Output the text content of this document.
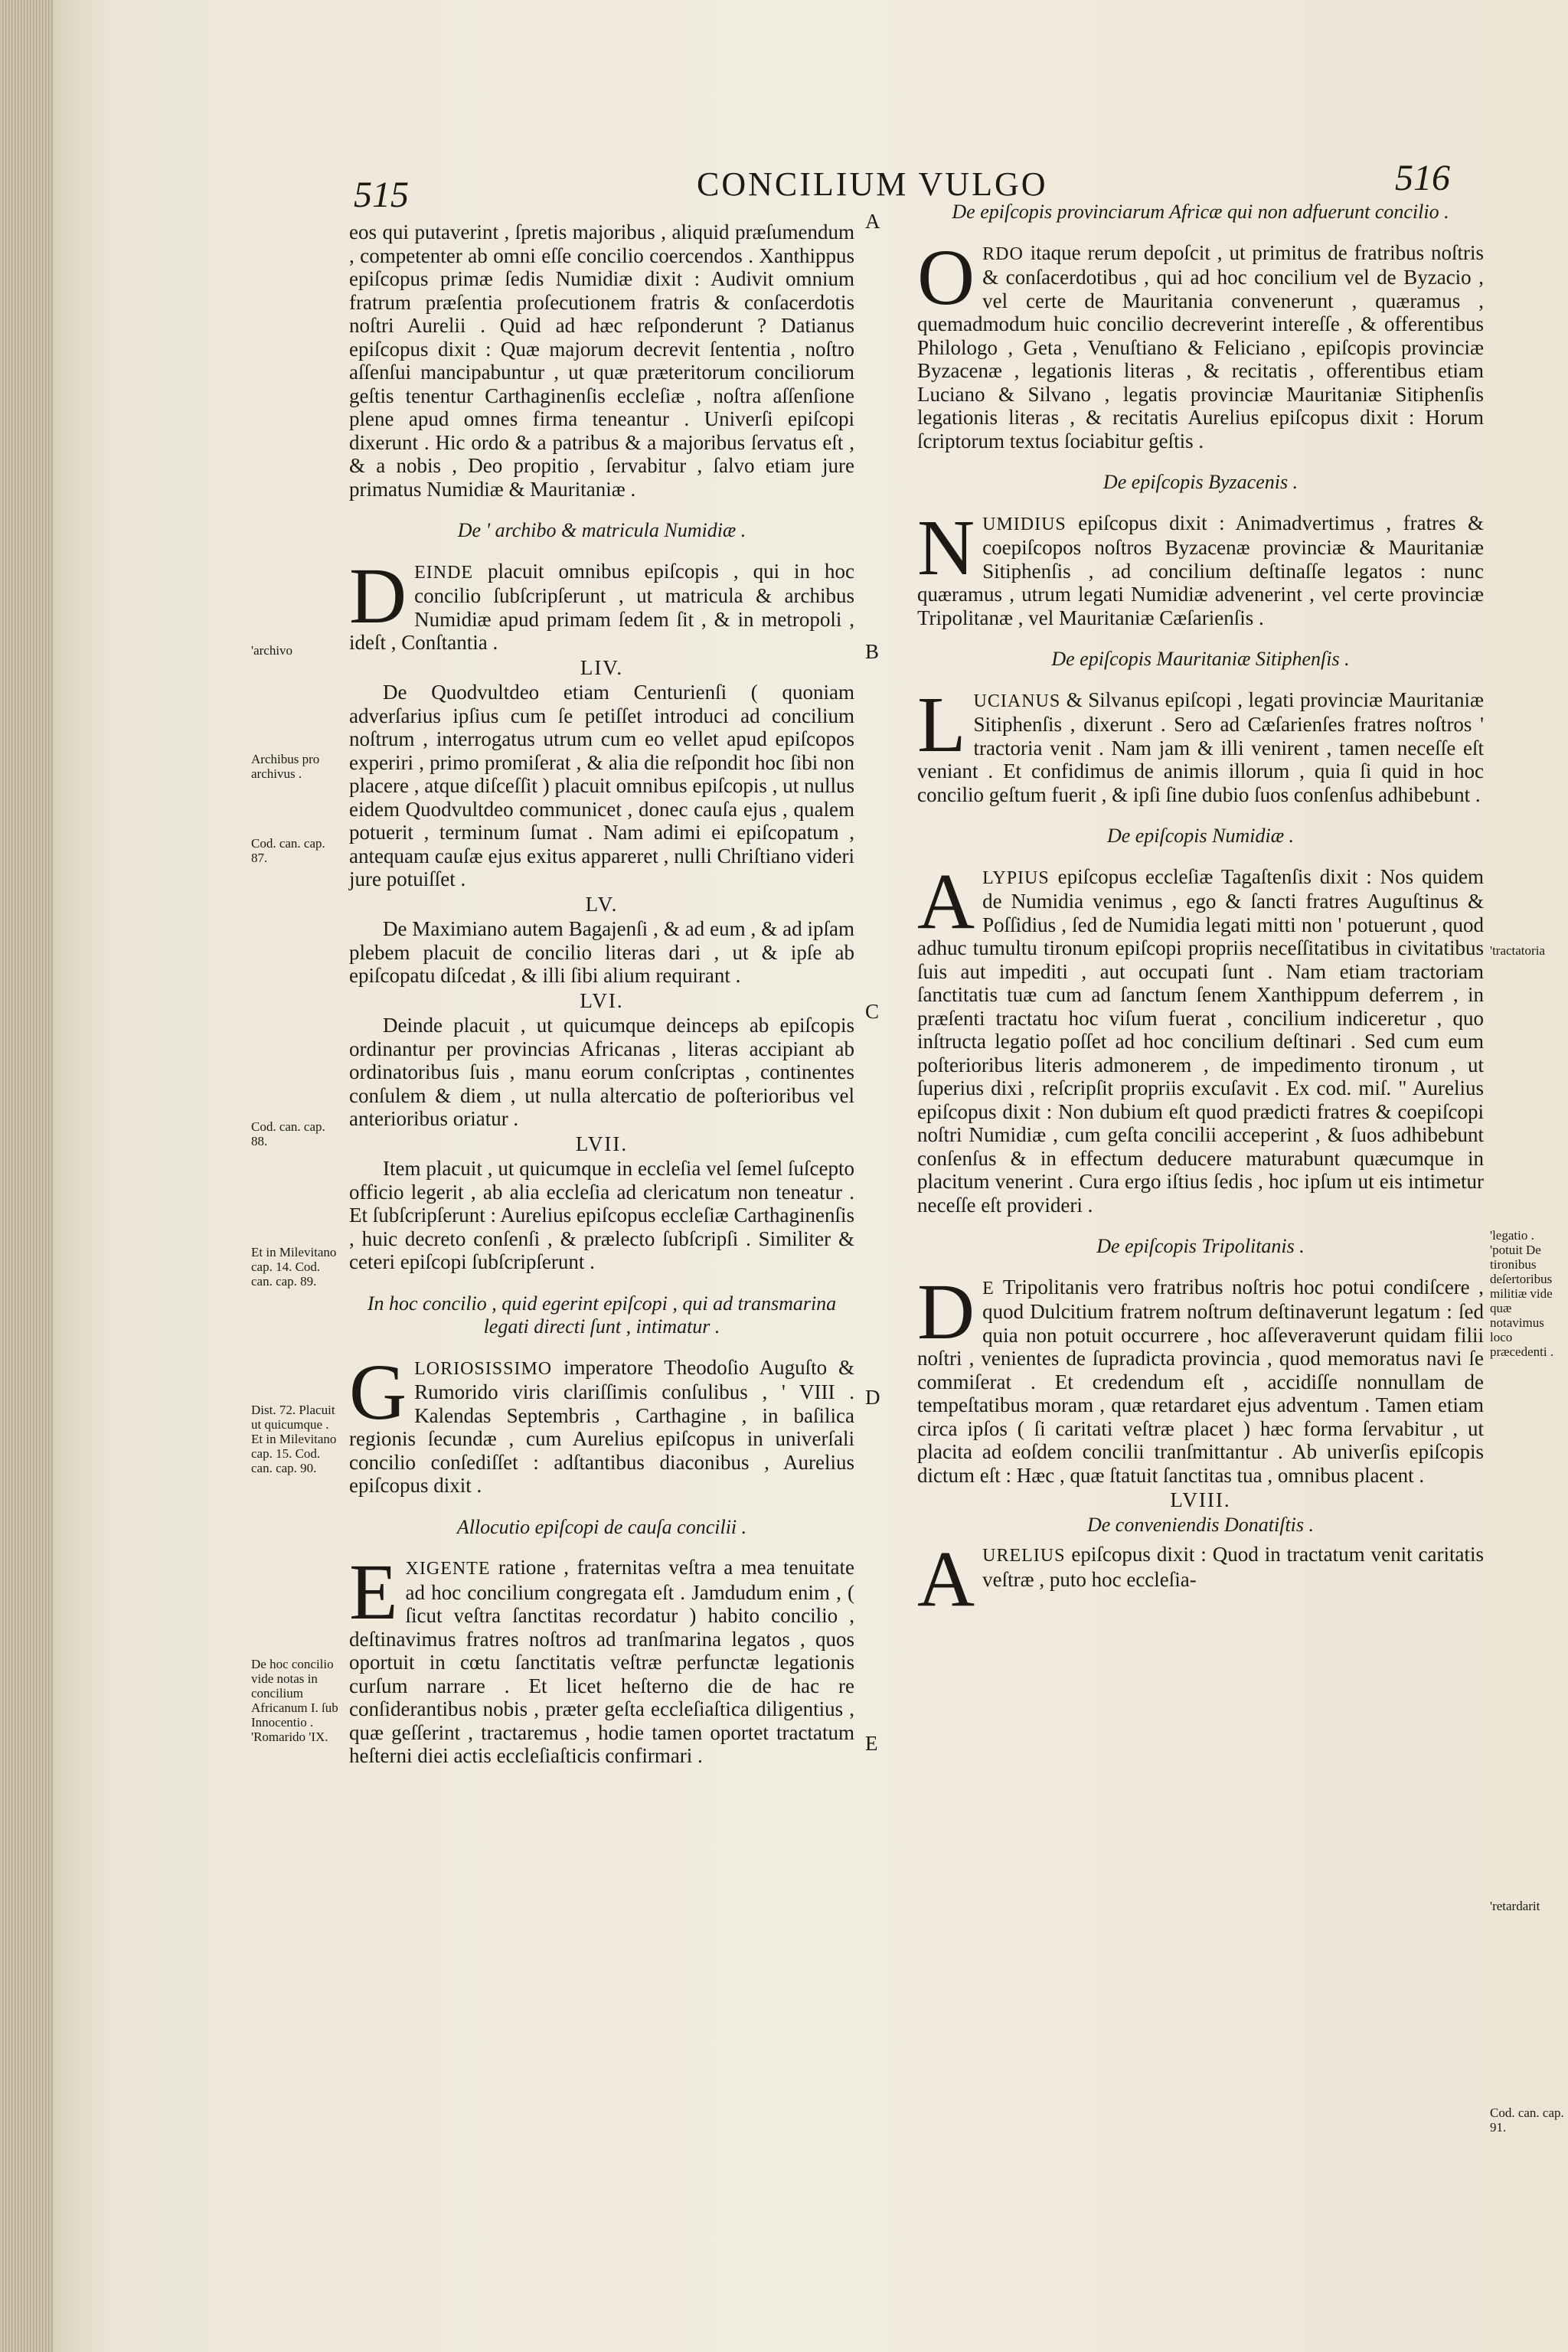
515	CONCILIUM VULGO	516
A
B
C
D
E

eos qui putaverint , ſpretis majoribus , aliquid præſumendum , competenter ab omni eſſe concilio coercendos . Xanthippus epiſcopus primæ ſedis Numidiæ dixit : Audivit omnium fratrum præſentia proſecutionem fratris & conſacerdotis noſtri Aurelii . Quid ad hæc reſponderunt ? Datianus epiſcopus dixit : Quæ majorum decrevit ſententia , noſtro aſſenſui mancipabuntur , ut quæ præteritorum conciliorum geſtis tenentur Carthaginenſis eccleſiæ , noſtra aſſenſione plene apud omnes firma teneantur . Univerſi epiſcopi dixerunt . Hic ordo & a patribus & a majoribus ſervatus eſt , & a nobis , Deo propitio , ſervabitur , ſalvo etiam jure primatus Numidiæ & Mauritaniæ .

De ' archibo & matricula Numidiæ .

DEINDE placuit omnibus epiſcopis , qui in hoc concilio ſubſcripſerunt , ut matricula & archibus Numidiæ apud primam ſedem ſit , & in metropoli , ideſt , Conſtantia .

LIV.

De Quodvultdeo etiam Centurienſi ( quoniam adverſarius ipſius cum ſe petiſſet introduci ad concilium noſtrum , interrogatus utrum cum eo vellet apud epiſcopos experiri , primo promiſerat , & alia die reſpondit hoc ſibi non placere , atque diſceſſit ) placuit omnibus epiſcopis , ut nullus eidem Quodvultdeo communicet , donec cauſa ejus , qualem potuerit , terminum ſumat . Nam adimi ei epiſcopatum , antequam cauſæ ejus exitus appareret , nulli Chriſtiano videri jure potuiſſet .

LV.

De Maximiano autem Bagajenſi , & ad eum , & ad ipſam plebem placuit de concilio literas dari , ut & ipſe ab epiſcopatu diſcedat , & illi ſibi alium requirant .

LVI.

Deinde placuit , ut quicumque deinceps ab epiſcopis ordinantur per provincias Africanas , literas accipiant ab ordinatoribus ſuis , manu eorum conſcriptas , continentes conſulem & diem , ut nulla altercatio de poſterioribus vel anterioribus oriatur .

LVII.

Item placuit , ut quicumque in eccleſia vel ſemel ſuſcepto officio legerit , ab alia eccleſia ad clericatum non teneatur . Et ſubſcripſerunt : Aurelius epiſcopus eccleſiæ Carthaginenſis , huic decreto conſenſi , & prælecto ſubſcripſi . Similiter & ceteri epiſcopi ſubſcripſerunt .

In hoc concilio , quid egerint epiſcopi , qui ad transmarina legati directi ſunt , intimatur .

GLORIOSISSIMO imperatore Theodoſio Auguſto & Rumorido viris clariſſimis conſulibus , ' VIII . Kalendas Septembris , Carthagine , in baſilica regionis ſecundæ , cum Aurelius epiſcopus in univerſali concilio conſediſſet : adſtantibus diaconibus , Aurelius epiſcopus dixit .

Allocutio epiſcopi de cauſa concilii .

EXIGENTE ratione , fraternitas veſtra a mea tenuitate ad hoc concilium congregata eſt . Jamdudum enim , ( ſicut veſtra ſanctitas recordatur ) habito concilio , deſtinavimus fratres noſtros ad tranſmarina legatos , quos oportuit in cœtu ſanctitatis veſtræ perfunctæ legationis curſum narrare . Et licet heſterno die de hac re conſiderantibus nobis , præter geſta eccleſiaſtica diligentius , quæ geſſerint , tractaremus , hodie tamen oportet tractatum heſterni diei actis eccleſiaſticis confirmari .

De epiſcopis provinciarum Africæ qui non adfuerunt concilio .

ORDO itaque rerum depoſcit , ut primitus de fratribus noſtris & conſacerdotibus , qui ad hoc concilium vel de Byzacio , vel certe de Mauritania convenerunt , quæramus , quemadmodum huic concilio decreverint intereſſe , & offerentibus Philologo , Geta , Venuſtiano & Feliciano , epiſcopis provinciæ Byzacenæ , legationis literas , & recitatis , offerentibus etiam Luciano & Silvano , legatis provinciæ Mauritaniæ Sitiphenſis legationis literas , & recitatis Aurelius epiſcopus dixit : Horum ſcriptorum textus ſociabitur geſtis .

De epiſcopis Byzacenis .

NUMIDIUS epiſcopus dixit : Animadvertimus , fratres & coepiſcopos noſtros Byzacenæ provinciæ & Mauritaniæ Sitiphenſis , ad concilium deſtinaſſe legatos : nunc quæramus , utrum legati Numidiæ advenerint , vel certe provinciæ Tripolitanæ , vel Mauritaniæ Cæſarienſis .

De epiſcopis Mauritaniæ Sitiphenſis .

LUCIANUS & Silvanus epiſcopi , legati provinciæ Mauritaniæ Sitiphenſis , dixerunt . Sero ad Cæſarienſes fratres noſtros ' tractoria venit . Nam jam & illi venirent , tamen neceſſe eſt veniant . Et confidimus de animis illorum , quia ſi quid in hoc concilio geſtum fuerit , & ipſi ſine dubio ſuos conſenſus adhibebunt .

De epiſcopis Numidiæ .

ALYPIUS epiſcopus eccleſiæ Tagaſtenſis dixit : Nos quidem de Numidia venimus , ego & ſancti fratres Auguſtinus & Poſſidius , ſed de Numidia legati mitti non ' potuerunt , quod adhuc tumultu tironum epiſcopi propriis neceſſitatibus in civitatibus ſuis aut impediti , aut occupati ſunt . Nam etiam tractoriam ſanctitatis tuæ cum ad ſanctum ſenem Xanthippum deferrem , in præſenti tractatu hoc viſum fuerat , concilium indiceretur , quo inſtructa legatio poſſet ad hoc concilium deſtinari . Sed cum eum poſterioribus literis admonerem , de impedimento tironum , ut ſuperius dixi , reſcripſit propriis excuſavit . Ex cod. miſ. " Aurelius epiſcopus dixit : Non dubium eſt quod prædicti fratres & coepiſcopi noſtri Numidiæ , cum geſta concilii acceperint , & ſuos adhibebunt conſenſus & in effectum deducere maturabunt quæcumque in placitum venerint . Cura ergo iſtius ſedis , hoc ipſum ut eis intimetur neceſſe eſt provideri .

De epiſcopis Tripolitanis .

D E Tripolitanis vero fratribus noſtris hoc potui condiſcere , quod Dulcitium fratrem noſtrum deſtinaverunt legatum : ſed quia non potuit occurrere , hoc aſſeveraverunt quidam filii noſtri , venientes de ſupradicta provincia , quod memoratus navi ſe commiſerat . Et credendum eſt , accidiſſe nonnullam de tempeſtatibus moram , quæ retardaret ejus adventum . Tamen etiam circa ipſos ( ſi caritati veſtræ placet ) hæc forma ſervabitur , ut placita ad eoſdem concilii tranſmittantur . Ab univerſis epiſcopis dictum eſt : Hæc , quæ ſtatuit ſanctitas tua , omnibus placent .

LVIII.
De conveniendis Donatiſtis .

AURELIUS epiſcopus dixit : Quod in tractatum venit caritatis veſtræ , puto hoc eccleſia-

'archivo
Archibus pro archivus .
Cod. can. cap. 87.
Cod. can. cap. 88.
Et in Milevitano cap. 14. Cod. can. cap. 89.
Dist. 72. Placuit ut quicumque . Et in Milevitano cap. 15. Cod. can. cap. 90.
De hoc concilio vide notas in concilium Africanum I. ſub Innocentio . 'Romarido 'IX.
'tractatoria
'legatio . 'potuit De tironibus deſertoribus militiæ vide quæ notavimus loco præcedenti .
'retardarit
Cod. can. cap. 91.
